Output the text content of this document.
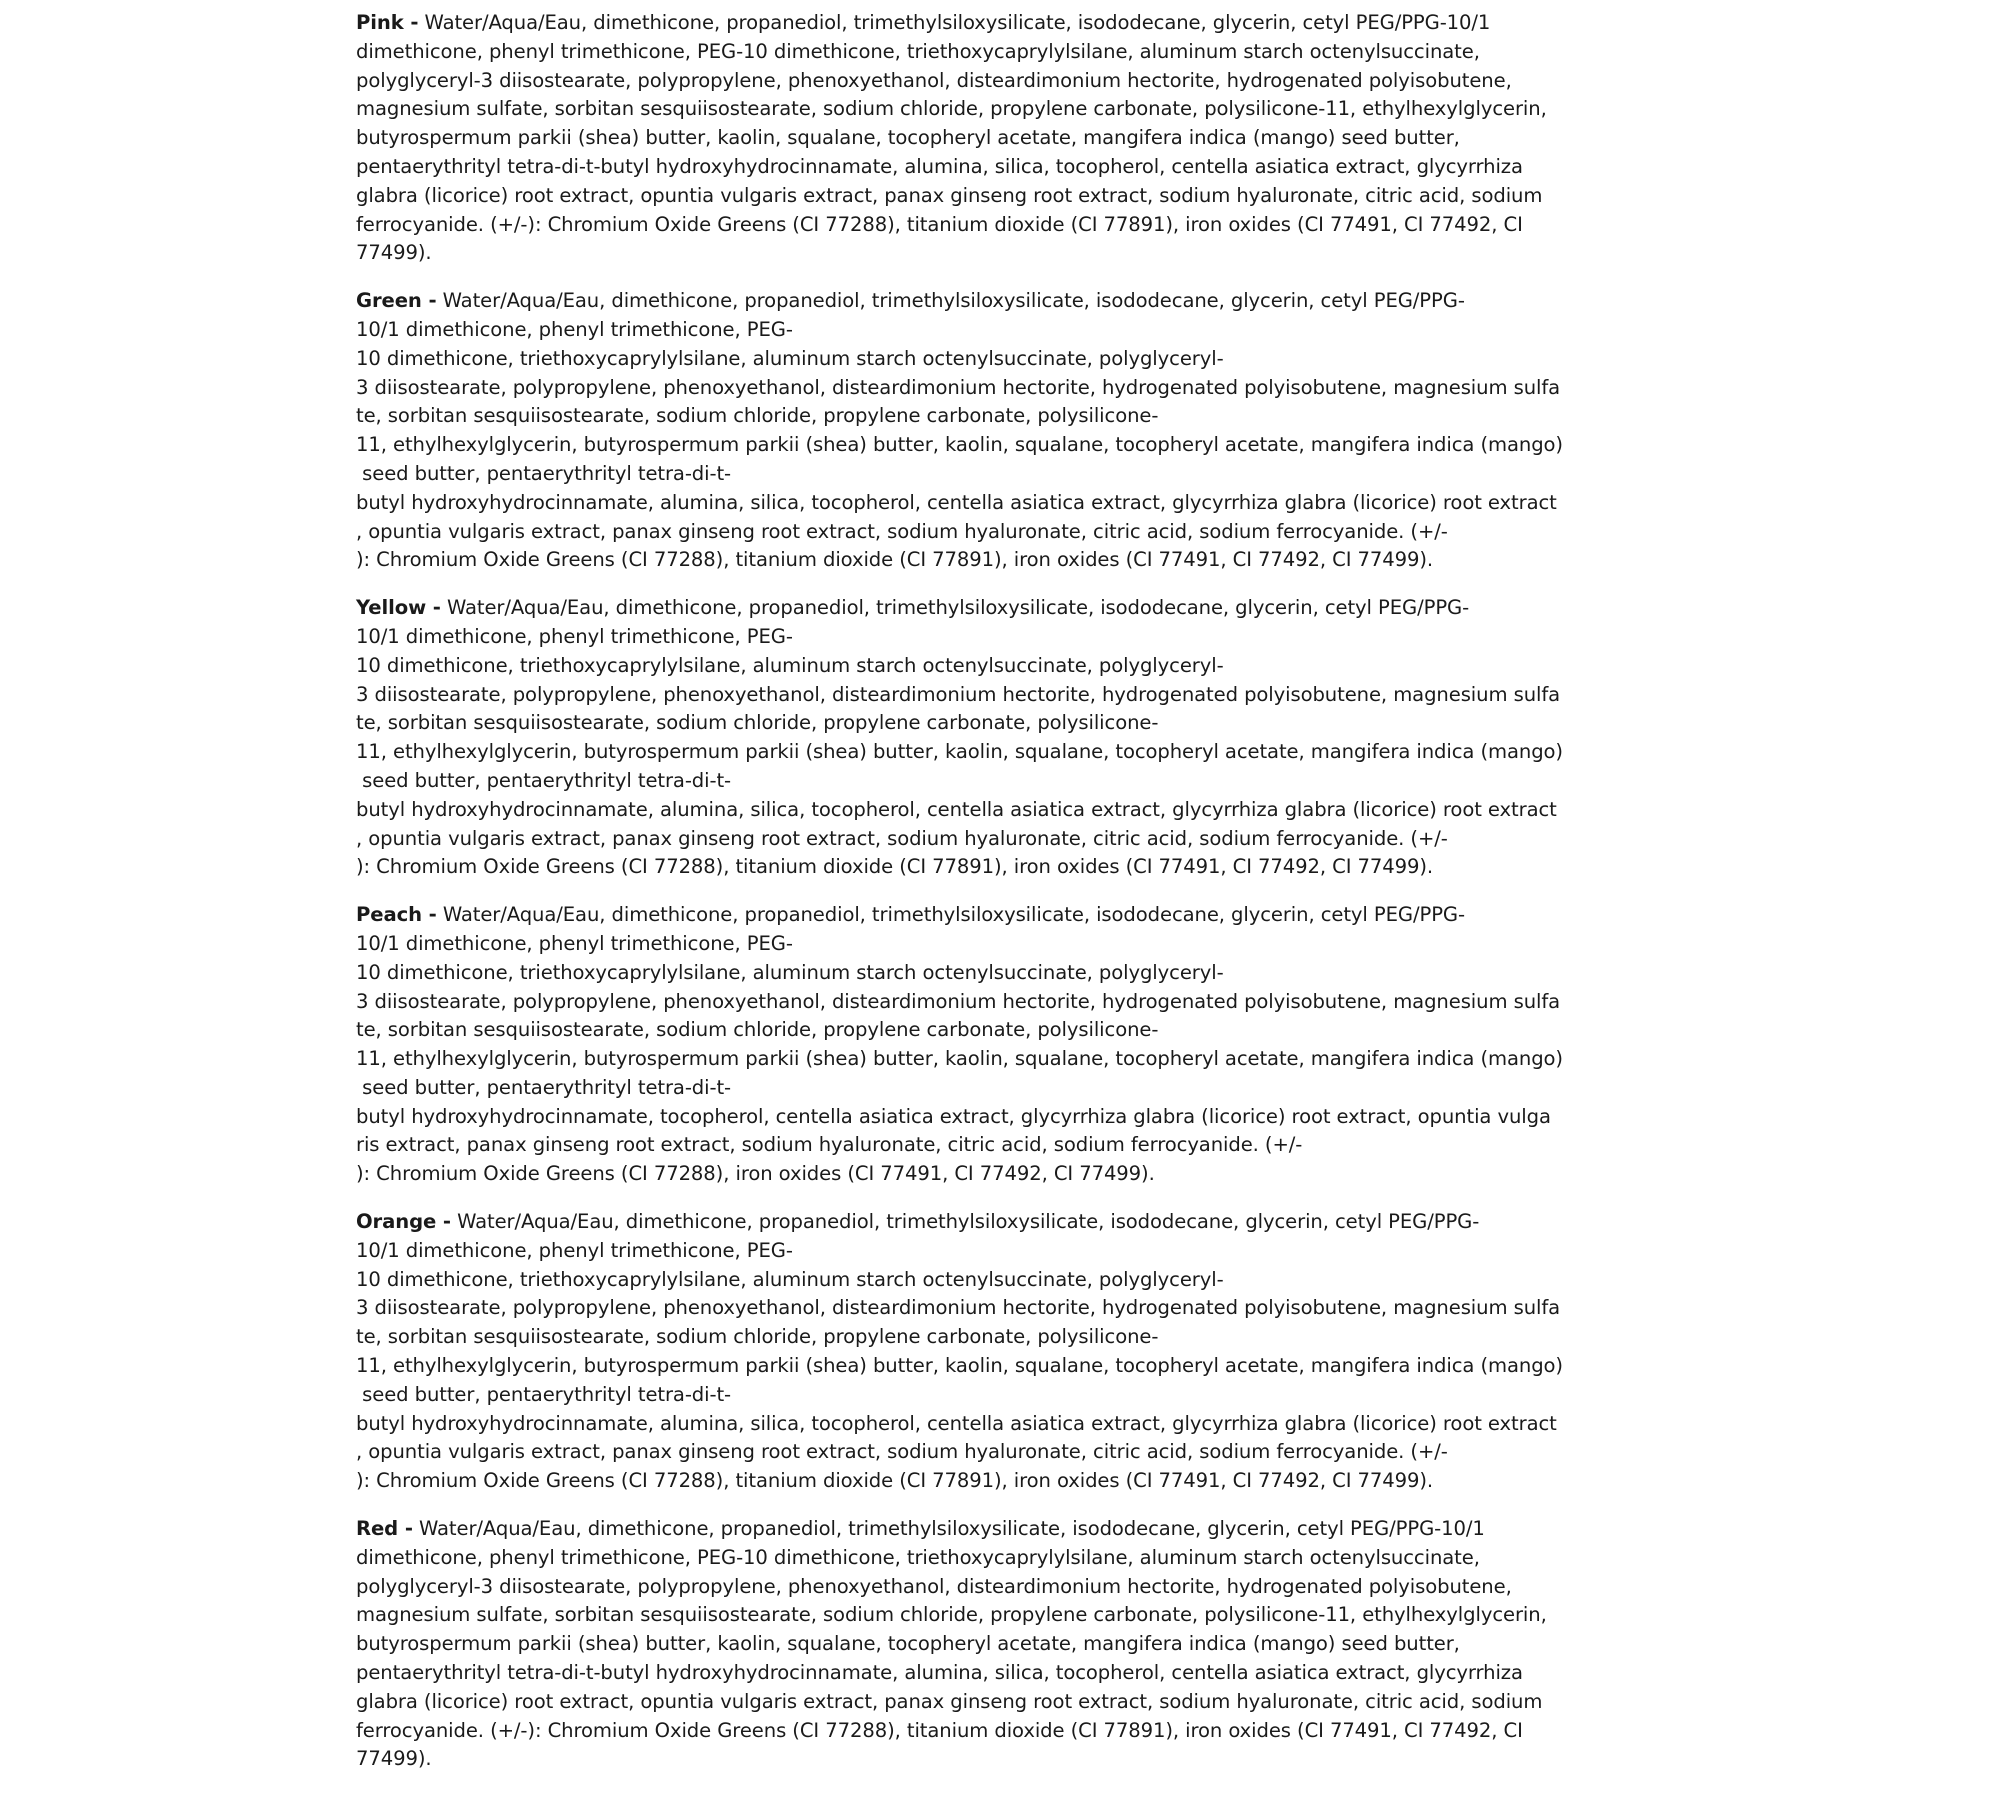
Pink - Water/Aqua/Eau, dimethicone, propanediol, trimethylsiloxysilicate, isododecane, glycerin, cetyl PEG/PPG-10/1
dimethicone, phenyl trimethicone, PEG-10 dimethicone, triethoxycaprylylsilane, aluminum starch octenylsuccinate,
polyglyceryl-3 diisostearate, polypropylene, phenoxyethanol, disteardimonium hectorite, hydrogenated polyisobutene,
magnesium sulfate, sorbitan sesquiisostearate, sodium chloride, propylene carbonate, polysilicone-11, ethylhexylglycerin,
butyrospermum parkii (shea) butter, kaolin, squalane, tocopheryl acetate, mangifera indica (mango) seed butter,
pentaerythrityl tetra-di-t-butyl hydroxyhydrocinnamate, alumina, silica, tocopherol, centella asiatica extract, glycyrrhiza
glabra (licorice) root extract, opuntia vulgaris extract, panax ginseng root extract, sodium hyaluronate, citric acid, sodium
ferrocyanide. (+/-): Chromium Oxide Greens (CI 77288), titanium dioxide (CI 77891), iron oxides (CI 77491, CI 77492, CI
77499).
Green - Water/Aqua/Eau, dimethicone, propanediol, trimethylsiloxysilicate, isododecane, glycerin, cetyl PEG/PPG-
10/1 dimethicone, phenyl trimethicone, PEG-
10 dimethicone, triethoxycaprylylsilane, aluminum starch octenylsuccinate, polyglyceryl-
3 diisostearate, polypropylene, phenoxyethanol, disteardimonium hectorite, hydrogenated polyisobutene, magnesium sulfa
te, sorbitan sesquiisostearate, sodium chloride, propylene carbonate, polysilicone-
11, ethylhexylglycerin, butyrospermum parkii (shea) butter, kaolin, squalane, tocopheryl acetate, mangifera indica (mango)
seed butter, pentaerythrityl tetra-di-t-
butyl hydroxyhydrocinnamate, alumina, silica, tocopherol, centella asiatica extract, glycyrrhiza glabra (licorice) root extract
, opuntia vulgaris extract, panax ginseng root extract, sodium hyaluronate, citric acid, sodium ferrocyanide. (+/-
): Chromium Oxide Greens (CI 77288), titanium dioxide (CI 77891), iron oxides (CI 77491, CI 77492, CI 77499).
Yellow - Water/Aqua/Eau, dimethicone, propanediol, trimethylsiloxysilicate, isododecane, glycerin, cetyl PEG/PPG-
10/1 dimethicone, phenyl trimethicone, PEG-
10 dimethicone, triethoxycaprylylsilane, aluminum starch octenylsuccinate, polyglyceryl-
3 diisostearate, polypropylene, phenoxyethanol, disteardimonium hectorite, hydrogenated polyisobutene, magnesium sulfa
te, sorbitan sesquiisostearate, sodium chloride, propylene carbonate, polysilicone-
11, ethylhexylglycerin, butyrospermum parkii (shea) butter, kaolin, squalane, tocopheryl acetate, mangifera indica (mango)
seed butter, pentaerythrityl tetra-di-t-
butyl hydroxyhydrocinnamate, alumina, silica, tocopherol, centella asiatica extract, glycyrrhiza glabra (licorice) root extract
, opuntia vulgaris extract, panax ginseng root extract, sodium hyaluronate, citric acid, sodium ferrocyanide. (+/-
): Chromium Oxide Greens (CI 77288), titanium dioxide (CI 77891), iron oxides (CI 77491, CI 77492, CI 77499).
Peach - Water/Aqua/Eau, dimethicone, propanediol, trimethylsiloxysilicate, isododecane, glycerin, cetyl PEG/PPG-
10/1 dimethicone, phenyl trimethicone, PEG-
10 dimethicone, triethoxycaprylylsilane, aluminum starch octenylsuccinate, polyglyceryl-
3 diisostearate, polypropylene, phenoxyethanol, disteardimonium hectorite, hydrogenated polyisobutene, magnesium sulfa
te, sorbitan sesquiisostearate, sodium chloride, propylene carbonate, polysilicone-
11, ethylhexylglycerin, butyrospermum parkii (shea) butter, kaolin, squalane, tocopheryl acetate, mangifera indica (mango)
seed butter, pentaerythrityl tetra-di-t-
butyl hydroxyhydrocinnamate, tocopherol, centella asiatica extract, glycyrrhiza glabra (licorice) root extract, opuntia vulga
ris extract, panax ginseng root extract, sodium hyaluronate, citric acid, sodium ferrocyanide. (+/-
): Chromium Oxide Greens (CI 77288), iron oxides (CI 77491, CI 77492, CI 77499).
Orange - Water/Aqua/Eau, dimethicone, propanediol, trimethylsiloxysilicate, isododecane, glycerin, cetyl PEG/PPG-
10/1 dimethicone, phenyl trimethicone, PEG-
10 dimethicone, triethoxycaprylylsilane, aluminum starch octenylsuccinate, polyglyceryl-
3 diisostearate, polypropylene, phenoxyethanol, disteardimonium hectorite, hydrogenated polyisobutene, magnesium sulfa
te, sorbitan sesquiisostearate, sodium chloride, propylene carbonate, polysilicone-
11, ethylhexylglycerin, butyrospermum parkii (shea) butter, kaolin, squalane, tocopheryl acetate, mangifera indica (mango)
seed butter, pentaerythrityl tetra-di-t-
butyl hydroxyhydrocinnamate, alumina, silica, tocopherol, centella asiatica extract, glycyrrhiza glabra (licorice) root extract
, opuntia vulgaris extract, panax ginseng root extract, sodium hyaluronate, citric acid, sodium ferrocyanide. (+/-
): Chromium Oxide Greens (CI 77288), titanium dioxide (CI 77891), iron oxides (CI 77491, CI 77492, CI 77499).
Red - Water/Aqua/Eau, dimethicone, propanediol, trimethylsiloxysilicate, isododecane, glycerin, cetyl PEG/PPG-10/1
dimethicone, phenyl trimethicone, PEG-10 dimethicone, triethoxycaprylylsilane, aluminum starch octenylsuccinate,
polyglyceryl-3 diisostearate, polypropylene, phenoxyethanol, disteardimonium hectorite, hydrogenated polyisobutene,
magnesium sulfate, sorbitan sesquiisostearate, sodium chloride, propylene carbonate, polysilicone-11, ethylhexylglycerin,
butyrospermum parkii (shea) butter, kaolin, squalane, tocopheryl acetate, mangifera indica (mango) seed butter,
pentaerythrityl tetra-di-t-butyl hydroxyhydrocinnamate, alumina, silica, tocopherol, centella asiatica extract, glycyrrhiza
glabra (licorice) root extract, opuntia vulgaris extract, panax ginseng root extract, sodium hyaluronate, citric acid, sodium
ferrocyanide. (+/-): Chromium Oxide Greens (CI 77288), titanium dioxide (CI 77891), iron oxides (CI 77491, CI 77492, CI
77499).
